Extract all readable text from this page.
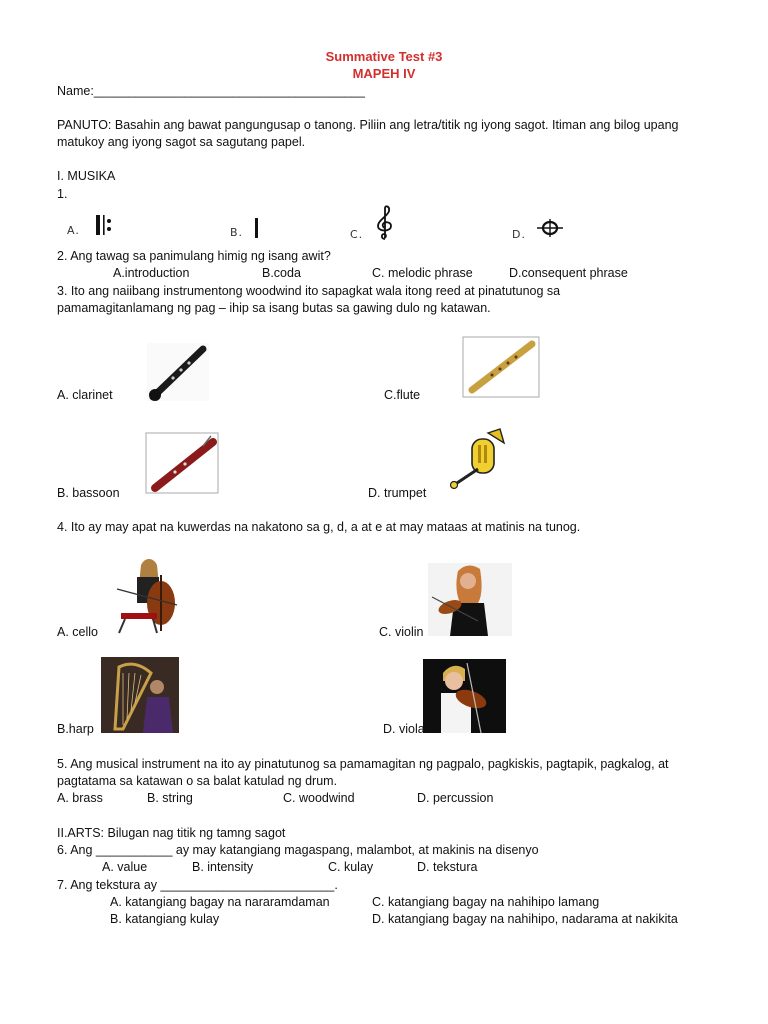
Summative Test #3
MAPEH IV
Name:_______________________________________
PANUTO: Basahin ang bawat pangungusap o tanong. Piliin ang letra/titik ng iyong sagot. Itiman ang bilog upang matukoy ang iyong sagot sa sagutang papel.
I. MUSIKA
1.
A.	B.	C.	D.
2. Ang tawag sa panimulang himig ng isang awit?
A.introduction	B.coda	C. melodic phrase	D.consequent phrase
3. Ito ang naiibang instrumentong woodwind ito sapagkat wala itong reed at pinatutunog sa
pamamagitanlamang ng pag – ihip sa isang butas sa gawing dulo ng katawan.
A. clarinet	C.flute
B. bassoon	D. trumpet
4. Ito ay may apat na kuwerdas na nakatono sa g, d, a at e at may mataas at matinis na tunog.
A. cello	C. violin
B.harp	D. viola
5. Ang musical instrument na ito ay pinatutunog sa pamamagitan ng pagpalo, pagkiskis, pagtapik, pagkalog, at
pagtatama sa katawan o sa balat katulad ng drum.
A. brass	B. string	C. woodwind	D. percussion
II.ARTS: Bilugan nag titik ng tamng sagot
6. Ang ___________ ay may katangiang magaspang, malambot, at makinis na disenyo
A. value	B. intensity	C. kulay	D. tekstura
7. Ang tekstura ay _________________________.
A. katangiang bagay na nararamdaman	C. katangiang bagay na nahihipo lamang
B. katangiang kulay	D. katangiang bagay na nahihipo, nadarama at nakikita
